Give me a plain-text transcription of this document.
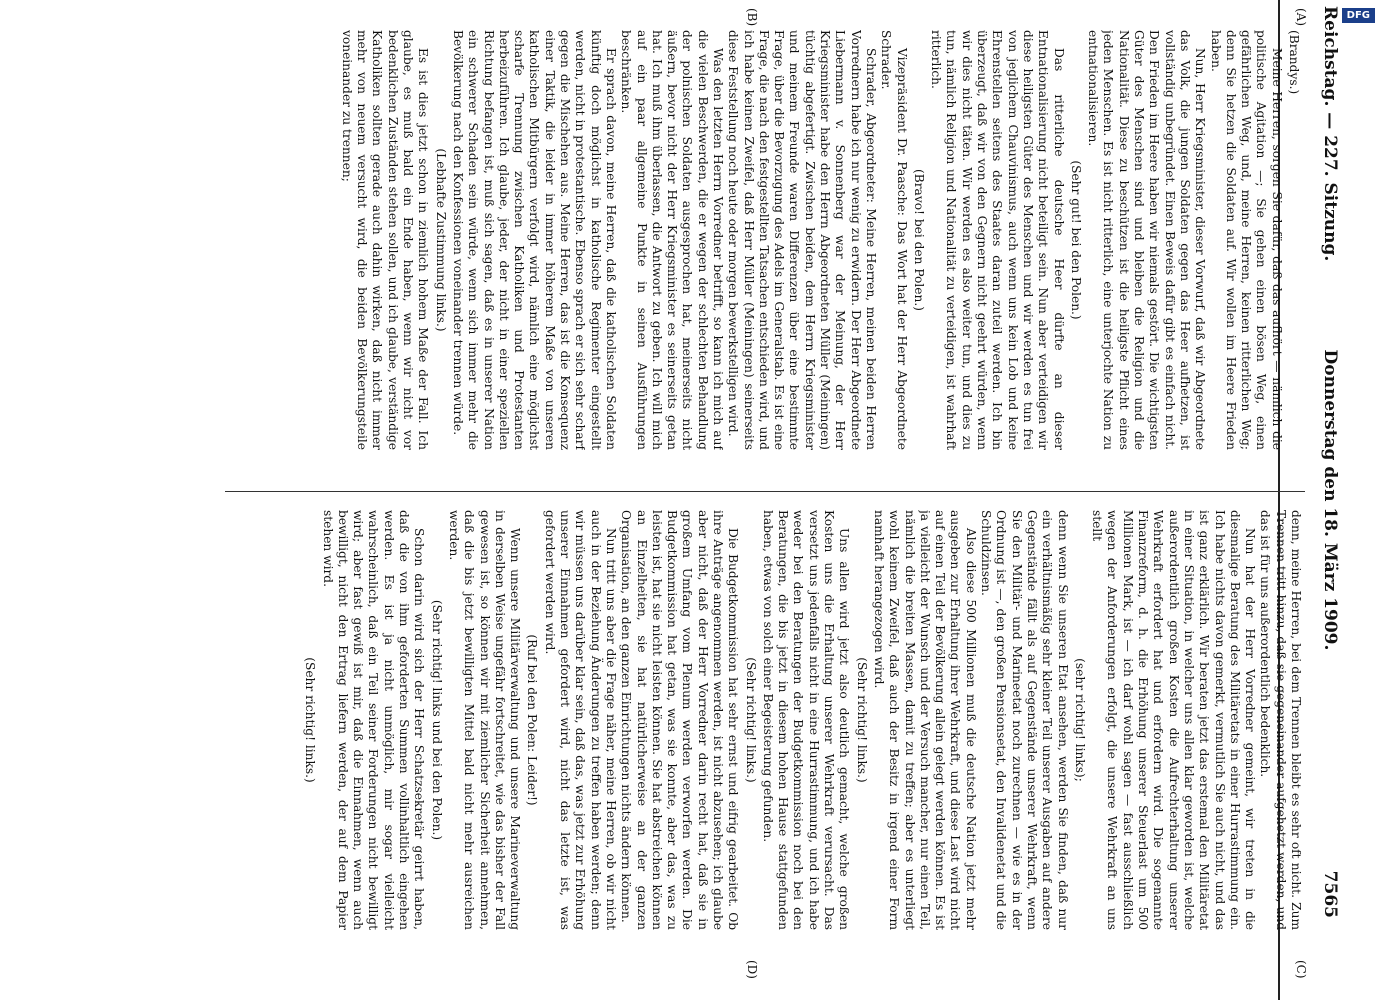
Reichstag. — 227. Sitzung.
Donnerstag den 18. März 1909.
7565
(A)
(B)
(C)
(D)

(Brandys.)

Meine Herren, sorgen Sie dafür, daß das aufhört — nämlich die politische Agitation —; Sie gehen einen bösen Weg, einen gefährlichen Weg, und, meine Herren, keinen ritterlichen Weg; denn Sie hetzen die Soldaten auf. Wir wollen im Heere Frieden haben.

Nun, Herr Kriegsminister, dieser Vorwurf, daß wir Abgeordnete das Volk, die jungen Soldaten gegen das Heer aufhetzen, ist vollständig unbegründet. Einen Beweis dafür gibt es einfach nicht. Den Frieden im Heere haben wir niemals gestört. Die wichtigsten Güter des Menschen sind und bleiben die Religion und die Nationalität. Diese zu beschützen ist die heiligste Pflicht eines jeden Menschen. Es ist nicht ritterlich, eine unterjochte Nation zu entnationalisieren.

(Sehr gut! bei den Polen.)

Das ritterliche deutsche Heer dürfte an dieser Entnationalisierung nicht beteiligt sein. Nun aber verteidigen wir diese heiligsten Güter des Menschen und wir werden es tun frei von jeglichem Chauvinismus, auch wenn uns kein Lob und keine Ehrenstellen seitens des Staates daran zuteil werden. Ich bin überzeugt, daß wir von den Gegnern nicht geehrt würden, wenn wir dies nicht täten. Wir werden es also weiter tun, und dies zu tun, nämlich Religion und Nationalität zu verteidigen, ist wahrhaft ritterlich.

(Bravo! bei den Polen.)

Vizepräsident Dr. Paasche: Das Wort hat der Herr Abgeordnete Schrader.

Schrader, Abgeordneter: Meine Herren, meinen beiden Herren Vorrednern habe ich nur wenig zu erwidern. Der Herr Abgeordnete Liebermann v. Sonnenberg war der Meinung, der Herr Kriegsminister habe den Herrn Abgeordneten Müller (Meiningen) tüchtig abgefertigt. Zwischen beiden, dem Herrn Kriegsminister und meinem Freunde waren Differenzen über eine bestimmte Frage, über die Bevorzugung des Adels im Generalstab. Es ist eine Frage, die nach den festgestellten Tatsachen entschieden wird, und ich habe keinen Zweifel, daß Herr Müller (Meiningen) seinerseits diese Feststellung noch heute oder morgen bewerkstelligen wird.

Was den letzten Herrn Vorredner betrifft, so kann ich mich auf die vielen Beschwerden, die er wegen der schlechten Behandlung der polnischen Soldaten ausgesprochen hat, meinerseits nicht äußern, bevor nicht der Herr Kriegsminister es seinerseits getan hat. Ich muß ihm überlassen, die Antwort zu geben. Ich will mich auf ein paar allgemeine Punkte in seinen Ausführungen beschränken.

Er sprach davon, meine Herren, daß die katholischen Soldaten künftig doch möglichst in katholische Regimenter eingestellt werden, nicht in protestantische. Ebenso sprach er sich sehr scharf gegen die Mischehen aus. Meine Herren, das ist die Konsequenz einer Taktik, die leider in immer höherem Maße von unseren katholischen Mitbürgern verfolgt wird, nämlich eine möglichst scharfe Trennung zwischen Katholiken und Protestanten herbeizuführen. Ich glaube, jeder, der nicht in einer speziellen Richtung befangen ist, muß sich sagen, daß es in unserer Nation ein schwerer Schaden sein würde, wenn sich immer mehr die Bevölkerung nach den Konfessionen voneinander trennen würde.

(Lebhafte Zustimmung links.)

Es ist dies jetzt schon in ziemlich hohem Maße der Fall. Ich glaube, es muß bald ein Ende haben, wenn wir nicht vor bedenklichen Zuständen stehen sollen, und ich glaube, verständige Katholiken sollten gerade auch dahin wirken, daß nicht immer mehr von neuem versucht wird, die beiden Bevölkerungsteile voneinander zu trennen;

denn, meine Herren, bei dem Trennen bleibt es sehr oft nicht. Zum Trennen tritt hinzu, daß sie gegeneinander aufgehetzt werden, und das ist für uns außerordentlich bedenklich.

Nun hat der Herr Vorredner gemeint, wir treten in die diesmalige Beratung des Militäretats in einer Hurrastimmung ein. Ich habe nichts davon gemerkt, vermutlich Sie auch nicht, und das ist ganz erklärlich. Wir beraten jetzt das erstemal den Militäretat in einer Situation, in welcher uns allen klar geworden ist, welche außerordentlich großen Kosten die Aufrechterhaltung unserer Wehrkraft erfordert hat und erfordern wird. Die sogenannte Finanzreform, d. h. die Erhöhung unserer Steuerlast um 500 Millionen Mark, ist — ich darf wohl sagen — fast ausschließlich wegen der Anforderungen erfolgt, die unsere Wehrkraft an uns stellt

(sehr richtig! links);

denn wenn Sie unseren Etat ansehen, werden Sie finden, daß nur ein verhältnismäßig sehr kleiner Teil unserer Ausgaben auf andere Gegenstände fällt als auf Gegenstände unserer Wehrkraft, wenn Sie den Militär- und Marineetat noch zurechnen — wie es in der Ordnung ist —, den großen Pensionsetat, den Invalidenetat und die Schuldzinsen.

Also diese 500 Millionen muß die deutsche Nation jetzt mehr ausgeben zur Erhaltung ihrer Wehrkraft, und diese Last wird nicht auf einen Teil der Bevölkerung allein gelegt werden können. Es ist ja vielleicht der Wunsch und der Versuch mancher, nur einen Teil, nämlich die breiten Massen, damit zu treffen; aber es unterliegt wohl keinem Zweifel, daß auch der Besitz in irgend einer Form namhaft herangezogen wird.

(Sehr richtig! links.)

Uns allen wird jetzt also deutlich gemacht, welche großen Kosten uns die Erhaltung unserer Wehrkraft verursacht. Das versetzt uns jedenfalls nicht in eine Hurrastimmung, und ich habe weder bei den Beratungen der Budgetkommission noch bei den Beratungen, die bis jetzt in diesem hohen Hause stattgefunden haben, etwas von solch einer Begeisterung gefunden.

(Sehr richtig! links.)

Die Budgetkommission hat sehr ernst und eifrig gearbeitet. Ob ihre Anträge angenommen werden, ist nicht abzusehen; ich glaube aber nicht, daß der Herr Vorredner darin recht hat, daß sie in großem Umfang vom Plenum werden verworfen werden. Die Budgetkommission hat getan, was sie konnte, aber das, was zu leisten ist, hat sie nicht leisten können. Sie hat abstreichen können an Einzelheiten, sie hat natürlicherweise an der ganzen Organisation, an den ganzen Einrichtungen nichts ändern können.

Nun tritt uns aber die Frage näher, meine Herren, ob wir nicht auch in der Beziehung Änderungen zu treffen haben werden; denn wir müssen uns darüber klar sein, daß das, was jetzt zur Erhöhung unserer Einnahmen gefordert wird, nicht das letzte ist, was gefordert werden wird.

(Ruf bei den Polen: Leider!)

Wenn unsere Militärverwaltung und unsere Marineverwaltung in derselben Weise ungefähr fortschreitet, wie das bisher der Fall gewesen ist, so können wir mit ziemlicher Sicherheit annehmen, daß die bis jetzt bewilligten Mittel bald nicht mehr ausreichen werden.

(Sehr richtig! links und bei den Polen.)

Schon darin wird sich der Herr Schatzsekretär geirrt haben, daß die von ihm geforderten Summen vollinhaltlich eingehen werden. Es ist ja nicht unmöglich, mir sogar vielleicht wahrscheinlich, daß ein Teil seiner Forderungen nicht bewilligt wird; aber fast gewiß ist mir, daß die Einnahmen, wenn auch bewilligt, nicht den Ertrag liefern werden, der auf dem Papier stehen wird.

(Sehr richtig! links.)

DFG
